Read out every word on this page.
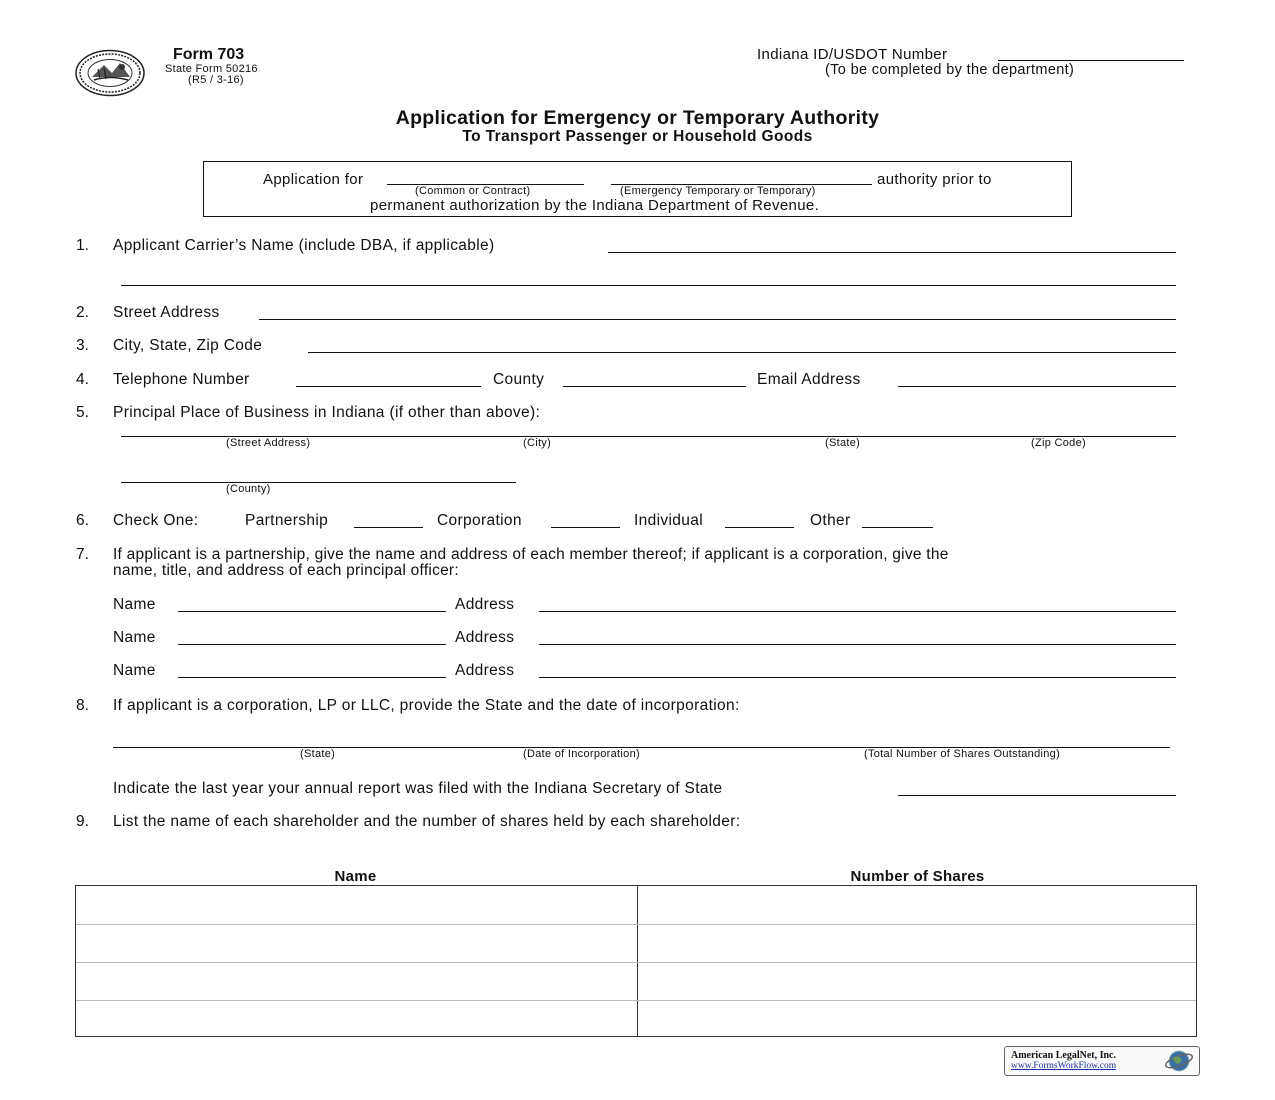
Form 703
State Form 50216
(R5 / 3-16)
Indiana ID/USDOT Number
(To be completed by the department)
Application for Emergency or Temporary Authority
To Transport Passenger or Household Goods
Application for
(Common or Contract)	(Emergency Temporary or Temporary)
authority prior to
permanent authorization by the Indiana Department of Revenue.
1. Applicant Carrier’s Name (include DBA, if applicable)
2. Street Address
3. City, State, Zip Code
4. Telephone Number	County	Email Address
5. Principal Place of Business in Indiana (if other than above):
(Street Address)	(City)	(State)	(Zip Code)
(County)
6. Check One:	Partnership	Corporation	Individual	Other
7. If applicant is a partnership, give the name and address of each member thereof; if applicant is a corporation, give the
name, title, and address of each principal officer:
Name	Address
Name	Address
Name	Address
8. If applicant is a corporation, LP or LLC, provide the State and the date of incorporation:
(State)	(Date of Incorporation)	(Total Number of Shares Outstanding)
Indicate the last year your annual report was filed with the Indiana Secretary of State
9. List the name of each shareholder and the number of shares held by each shareholder:
Name	Number of Shares
American LegalNet, Inc.
www.FormsWorkFlow.com
